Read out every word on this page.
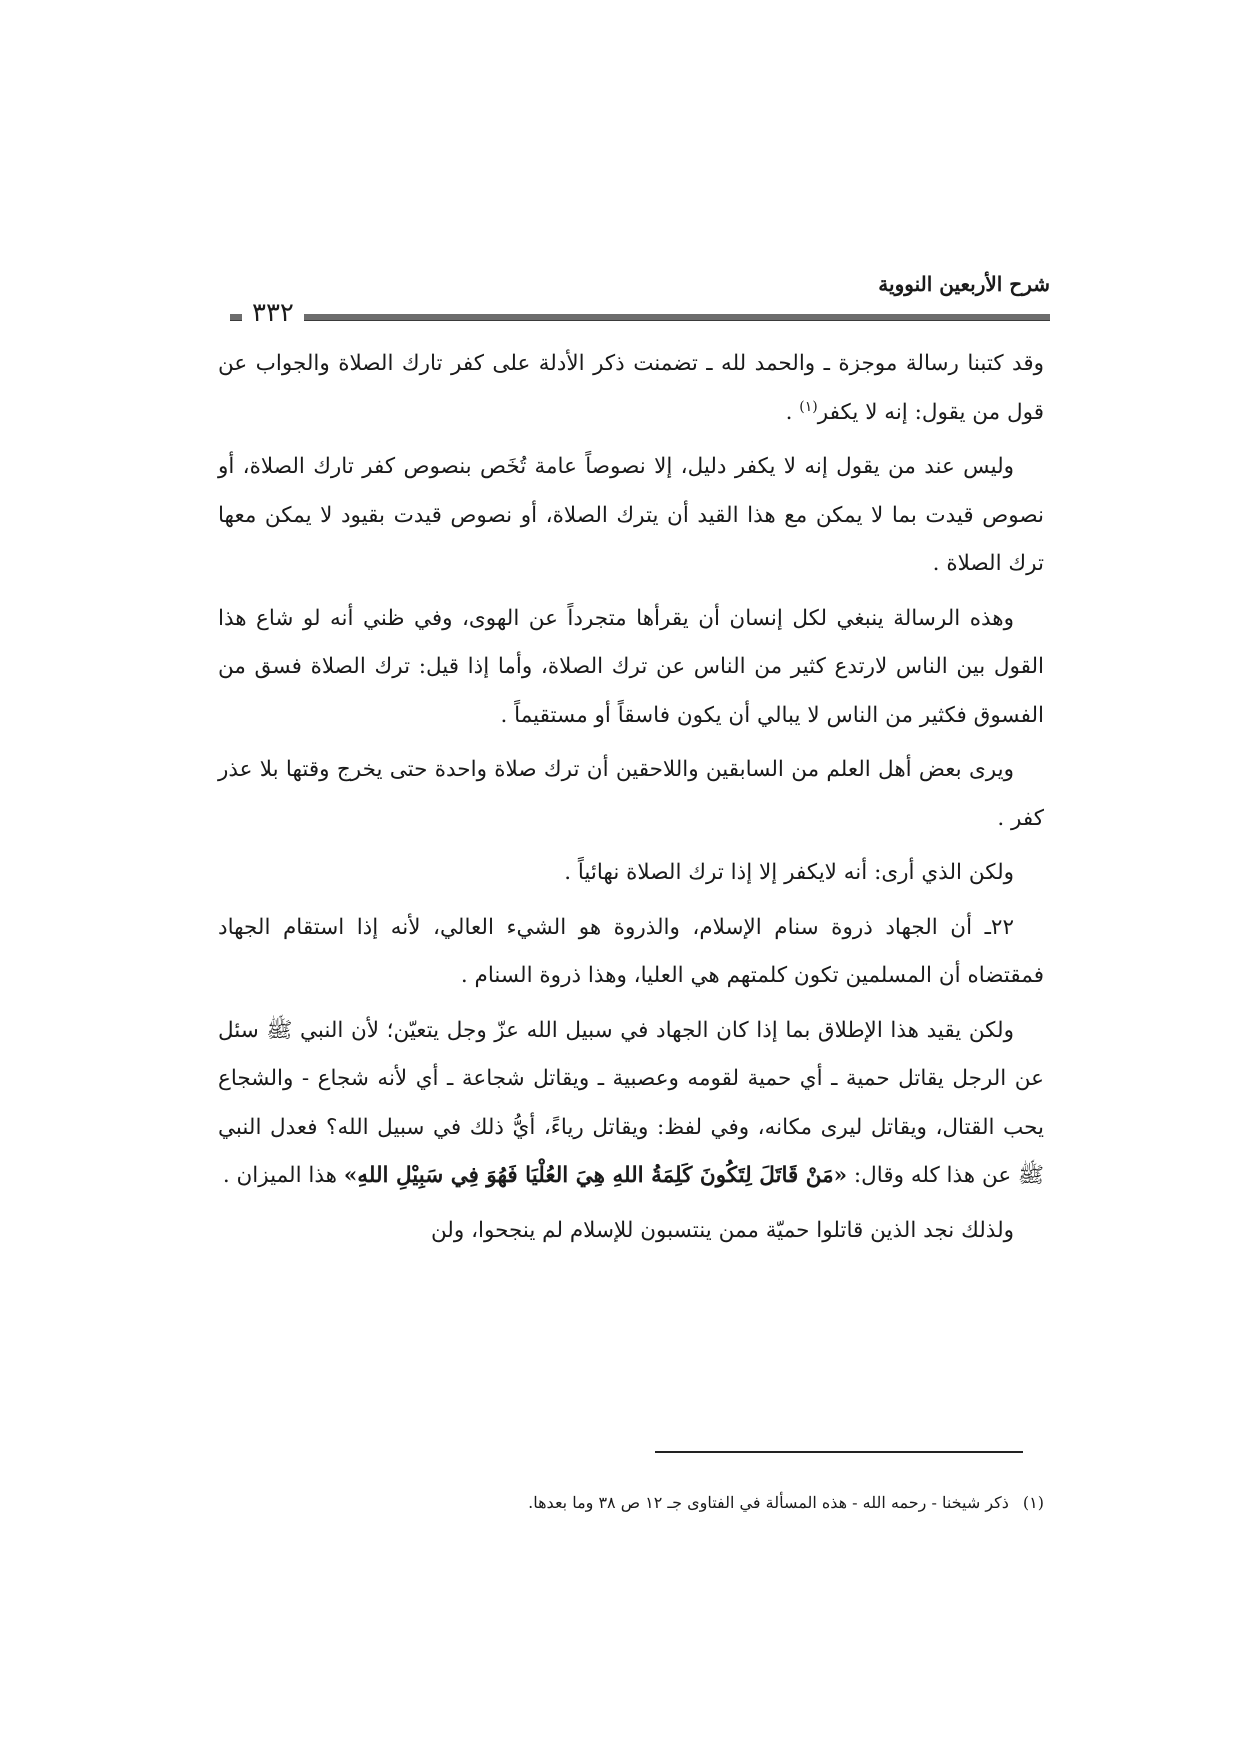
شرح الأربعين النووية
٣٣٢

وقد كتبنا رسالة موجزة ـ والحمد لله ـ تضمنت ذكر الأدلة على كفر تارك الصلاة والجواب عن قول من يقول: إنه لا يكفر$^{(١)}$ .

وليس عند من يقول إنه لا يكفر دليل، إلا نصوصاً عامة تُخَص بنصوص كفر تارك الصلاة، أو نصوص قيدت بما لا يمكن مع هذا القيد أن يترك الصلاة، أو نصوص قيدت بقيود لا يمكن معها ترك الصلاة .

وهذه الرسالة ينبغي لكل إنسان أن يقرأها متجرداً عن الهوى، وفي ظني أنه لو شاع هذا القول بين الناس لارتدع كثير من الناس عن ترك الصلاة، وأما إذا قيل: ترك الصلاة فسق من الفسوق فكثير من الناس لا يبالي أن يكون فاسقاً أو مستقيماً .

ويرى بعض أهل العلم من السابقين واللاحقين أن ترك صلاة واحدة حتى يخرج وقتها بلا عذر كفر .

ولكن الذي أرى: أنه لايكفر إلا إذا ترك الصلاة نهائياً .

٢٢ـ أن الجهاد ذروة سنام الإسلام، والذروة هو الشيء العالي، لأنه إذا استقام الجهاد فمقتضاه أن المسلمين تكون كلمتهم هي العليا، وهذا ذروة السنام .

ولكن يقيد هذا الإطلاق بما إذا كان الجهاد في سبيل الله عزّ وجل يتعيّن؛ لأن النبي ﷺ سئل عن الرجل يقاتل حمية ـ أي حمية لقومه وعصبية ـ ويقاتل شجاعة ـ أي لأنه شجاع - والشجاع يحب القتال، ويقاتل ليرى مكانه، وفي لفظ: ويقاتل رياءً، أيُّ ذلك في سبيل الله؟ فعدل النبي ﷺ عن هذا كله وقال: «مَنْ قَاتَلَ لِتَكُونَ كَلِمَةُ اللهِ هِيَ العُلْيَا فَهُوَ فِي سَبِيْلِ اللهِ» هذا الميزان .

ولذلك نجد الذين قاتلوا حميّة ممن ينتسبون للإسلام لم ينجحوا، ولن

(١)ذكر شيخنا - رحمه الله - هذه المسألة في الفتاوى جـ ١٢ ص ٣٨ وما بعدها.
